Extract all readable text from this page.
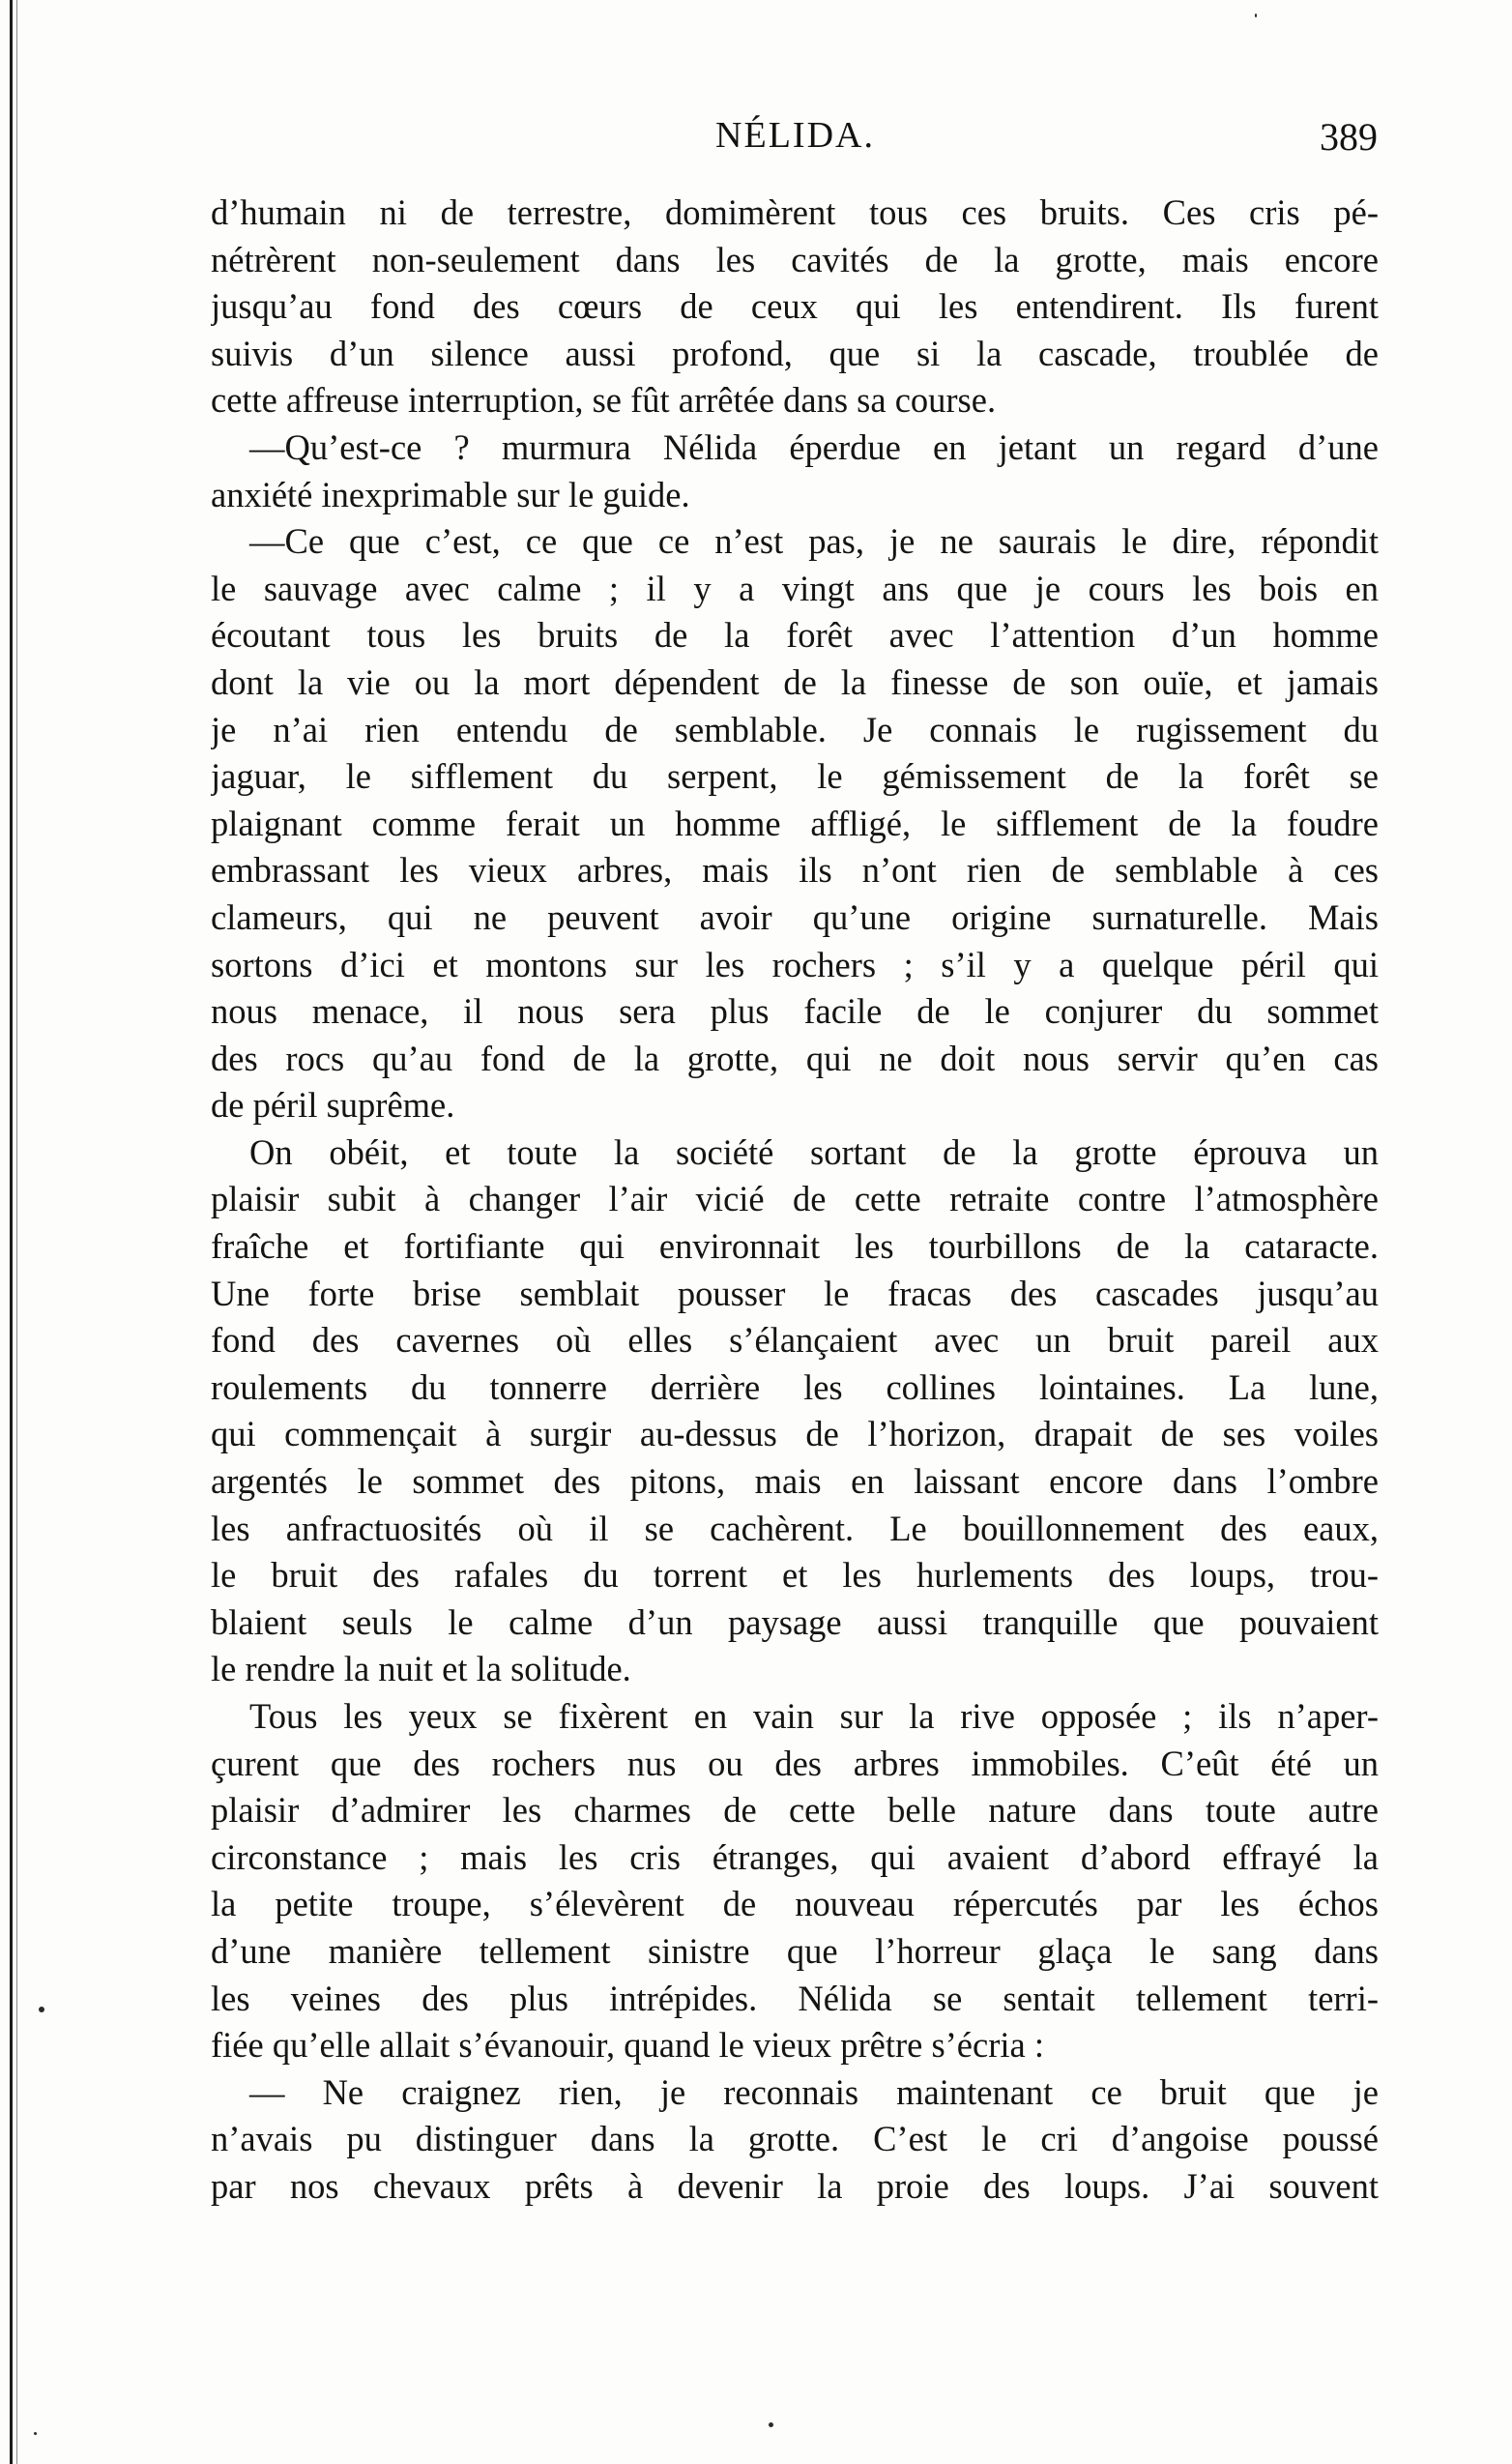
NÉLIDA.	389
d’humain ni de terrestre, domimèrent tous ces bruits. Ces cris pé-
nétrèrent non-seulement dans les cavités de la grotte, mais encore
jusqu’au fond des cœurs de ceux qui les entendirent. Ils furent
suivis d’un silence aussi profond, que si la cascade, troublée de
cette affreuse interruption, se fût arrêtée dans sa course.
—Qu’est-ce ? murmura Nélida éperdue en jetant un regard d’une
anxiété inexprimable sur le guide.
—Ce que c’est, ce que ce n’est pas, je ne saurais le dire, répondit
le sauvage avec calme ; il y a vingt ans que je cours les bois en
écoutant tous les bruits de la forêt avec l’attention d’un homme
dont la vie ou la mort dépendent de la finesse de son ouïe, et jamais
je n’ai rien entendu de semblable. Je connais le rugissement du
jaguar, le sifflement du serpent, le gémissement de la forêt se
plaignant comme ferait un homme affligé, le sifflement de la foudre
embrassant les vieux arbres, mais ils n’ont rien de semblable à ces
clameurs, qui ne peuvent avoir qu’une origine surnaturelle. Mais
sortons d’ici et montons sur les rochers ; s’il y a quelque péril qui
nous menace, il nous sera plus facile de le conjurer du sommet
des rocs qu’au fond de la grotte, qui ne doit nous servir qu’en cas
de péril suprême.
On obéit, et toute la société sortant de la grotte éprouva un
plaisir subit à changer l’air vicié de cette retraite contre l’atmosphère
fraîche et fortifiante qui environnait les tourbillons de la cataracte.
Une forte brise semblait pousser le fracas des cascades jusqu’au
fond des cavernes où elles s’élançaient avec un bruit pareil aux
roulements du tonnerre derrière les collines lointaines. La lune,
qui commençait à surgir au-dessus de l’horizon, drapait de ses voiles
argentés le sommet des pitons, mais en laissant encore dans l’ombre
les anfractuosités où il se cachèrent. Le bouillonnement des eaux,
le bruit des rafales du torrent et les hurlements des loups, trou-
blaient seuls le calme d’un paysage aussi tranquille que pouvaient
le rendre la nuit et la solitude.
Tous les yeux se fixèrent en vain sur la rive opposée ; ils n’aper-
çurent que des rochers nus ou des arbres immobiles. C’eût été un
plaisir d’admirer les charmes de cette belle nature dans toute autre
circonstance ; mais les cris étranges, qui avaient d’abord effrayé la
la petite troupe, s’élevèrent de nouveau répercutés par les échos
d’une manière tellement sinistre que l’horreur glaça le sang dans
les veines des plus intrépides. Nélida se sentait tellement terri-
fiée qu’elle allait s’évanouir, quand le vieux prêtre s’écria :
— Ne craignez rien, je reconnais maintenant ce bruit que je
n’avais pu distinguer dans la grotte. C’est le cri d’angoise poussé
par nos chevaux prêts à devenir la proie des loups. J’ai souvent
